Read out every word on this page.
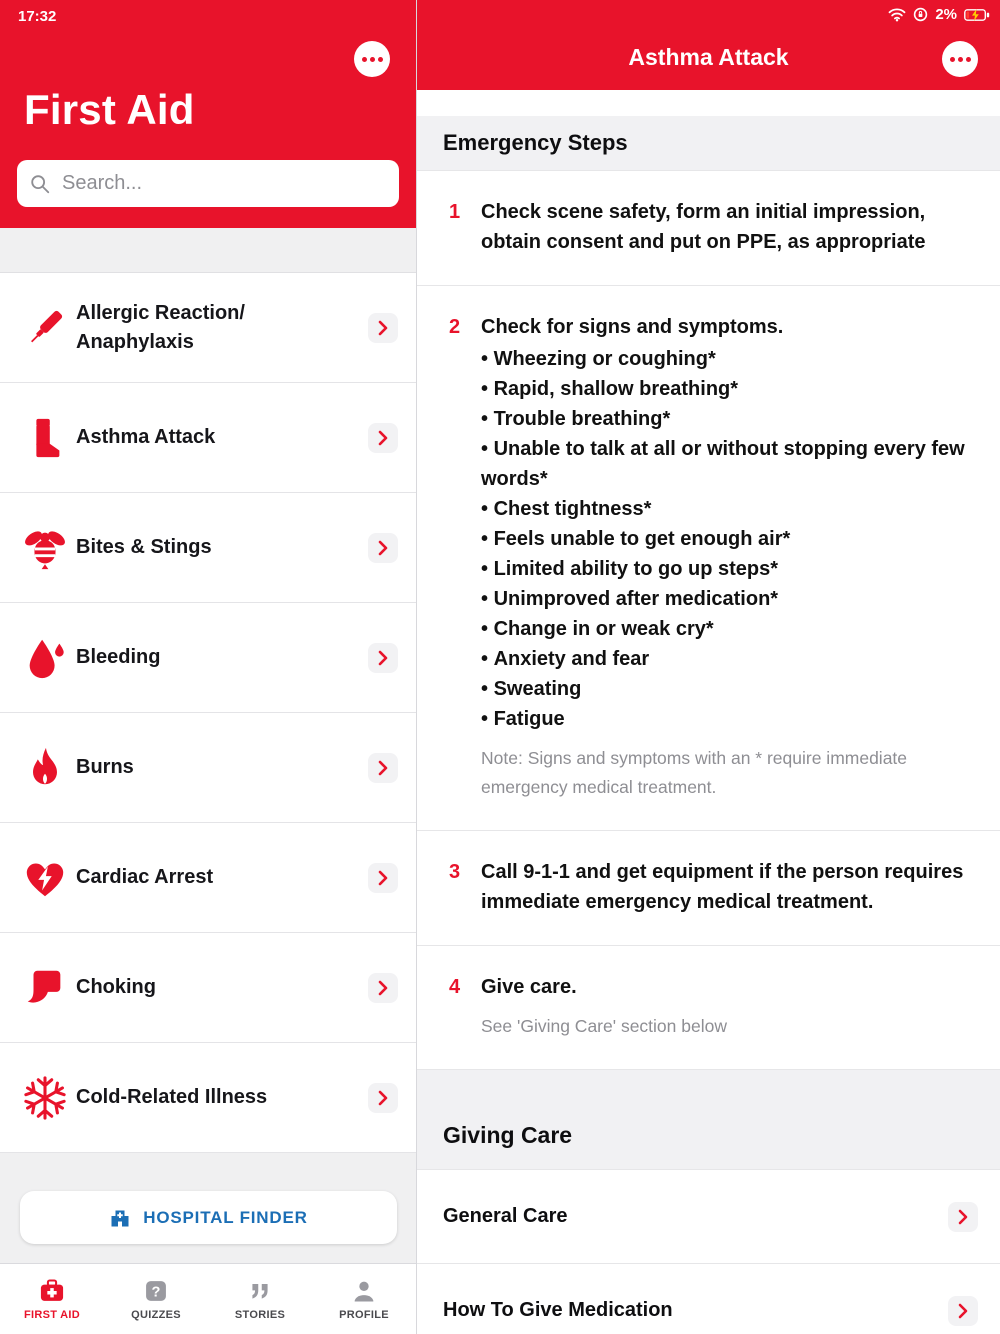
17:32
First Aid
Search...
Allergic Reaction/​Anaphylaxis
Asthma Attack
Bites & Stings
Bleeding
Burns
Cardiac Arrest
Choking
Cold-Related Illness
HOSPITAL FINDER
FIRST AID
?
QUIZZES	STORIES	PROFILE
2%
Asthma Attack
Emergency Steps
1	Check scene safety, form an initial impression, obtain consent and put on PPE, as appropriate
2	Check for signs and symptoms.
• Wheezing or coughing*
• Rapid, shallow breathing*
• Trouble breathing*
• Unable to talk at all or without stopping every few words*
• Chest tightness*
• Feels unable to get enough air*
• Limited ability to go up steps*
• Unimproved after medication*
• Change in or weak cry*
• Anxiety and fear
• Sweating
• Fatigue
Note: Signs and symptoms with an * require immediate emergency medical treatment.
3	Call 9-1-1 and get equipment if the person requires immediate emergency medical treatment.
4	Give care.
See 'Giving Care' section below
Giving Care
General Care
How To Give Medication
